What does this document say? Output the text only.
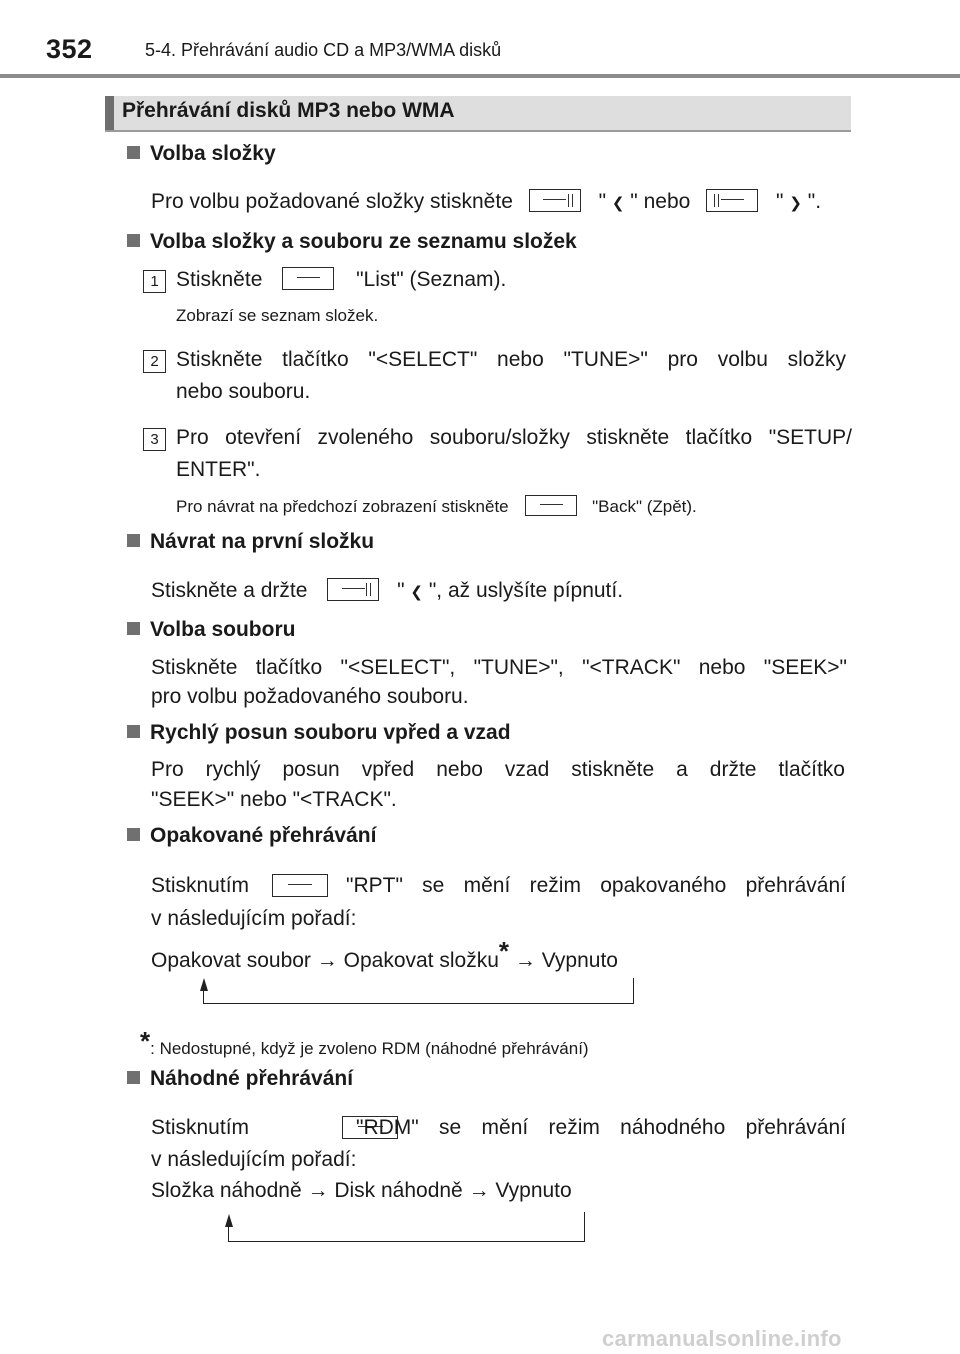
352	5-4. Přehrávání audio CD a MP3/WMA disků
Přehrávání disků MP3 nebo WMA
Volba složky
Pro volbu požadované složky stiskněte	" ❮ " nebo	" ❯ ".
Volba složky a souboru ze seznamu složek
1 Stiskněte	"List" (Seznam).
Zobrazí se seznam složek.
2 Stiskněte tlačítko "<SELECT" nebo "TUNE>" pro volbu složky
nebo souboru.
3 Pro otevření zvoleného souboru/složky stiskněte tlačítko "SETUP/
ENTER".
Pro návrat na předchozí zobrazení stiskněte	"Back" (Zpět).
Návrat na první složku
Stiskněte a držte	" ❮ ", až uslyšíte pípnutí.
Volba souboru
Stiskněte tlačítko "<SELECT", "TUNE>", "<TRACK" nebo "SEEK>"
pro volbu požadovaného souboru.
Rychlý posun souboru vpřed a vzad
Pro rychlý posun vpřed nebo vzad stiskněte a držte tlačítko
"SEEK>" nebo "<TRACK".
Opakované přehrávání
Stisknutím
	"RPT" se mění režim opakovaného přehrávání
v následujícím pořadí:
Opakovat soubor → Opakovat složku* → Vypnuto
*: Nedostupné, když je zvoleno RDM (náhodné přehrávání)
Náhodné přehrávání
Stisknutím	"RDM" se mění režim náhodného přehrávání
v následujícím pořadí:
Složka náhodně → Disk náhodně → Vypnuto
carmanualsonline.info
